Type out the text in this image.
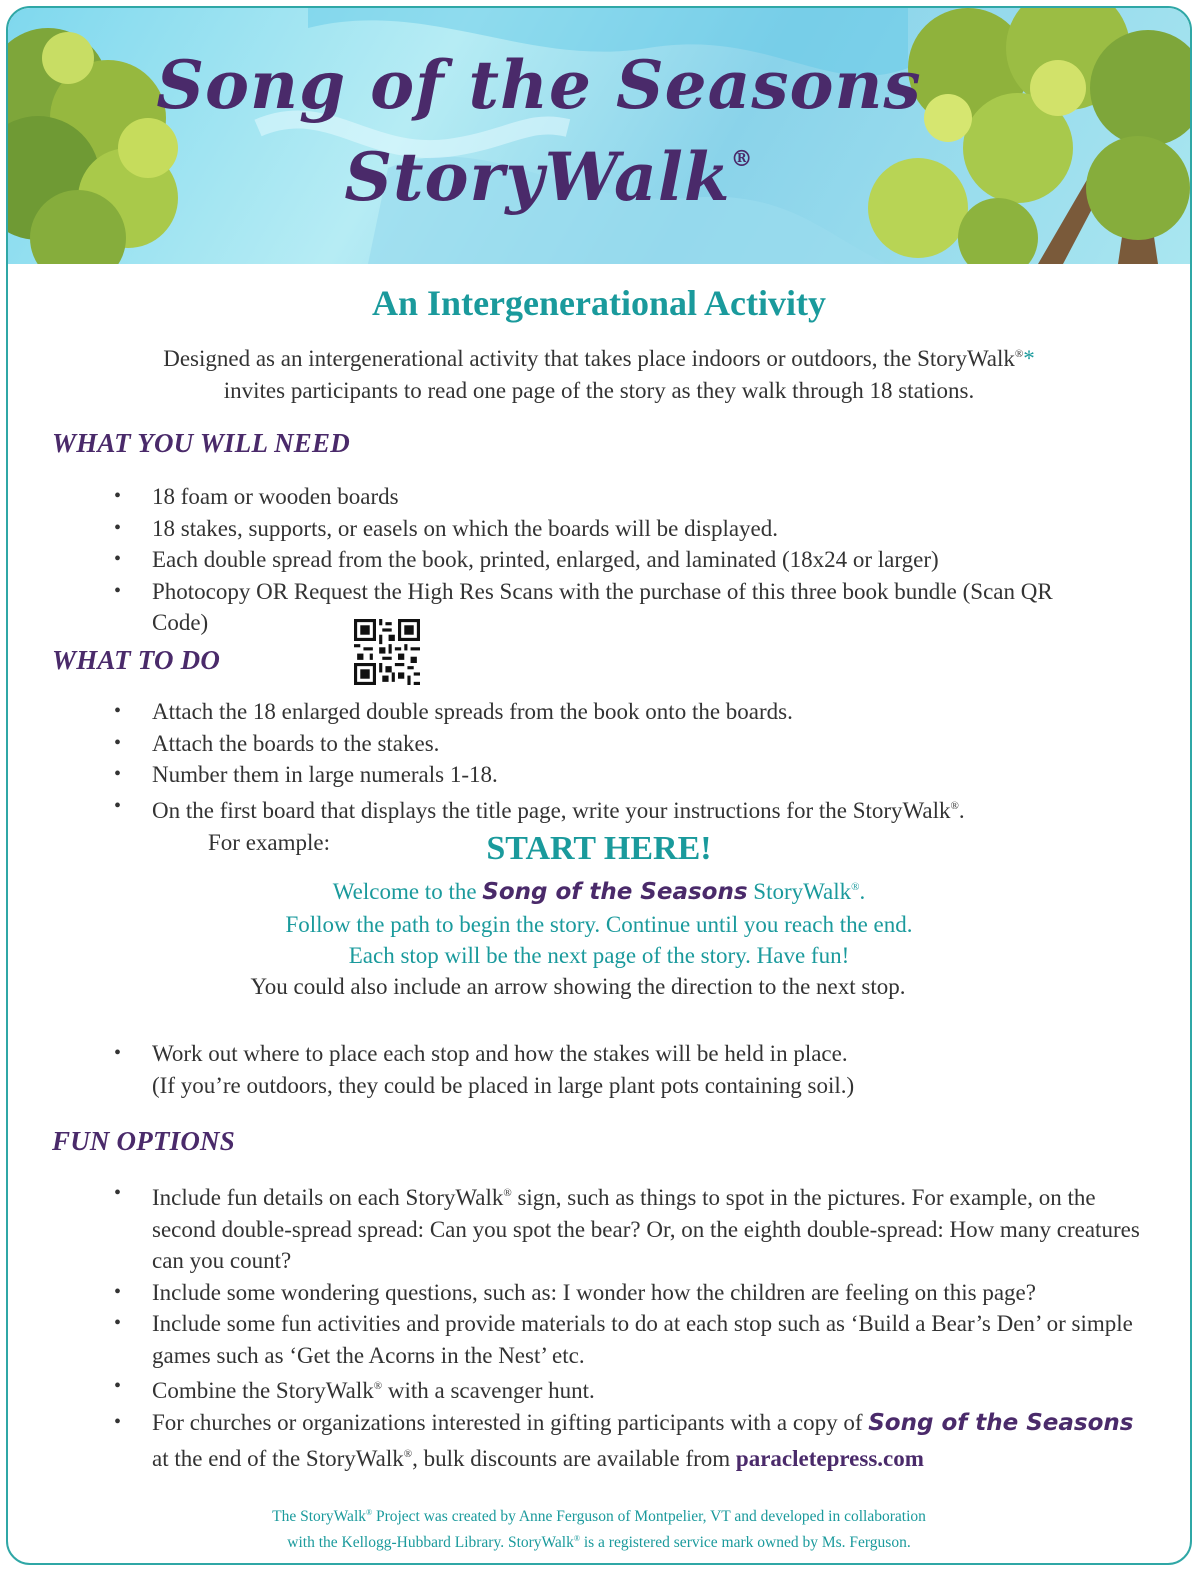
Song of the Seasons
StoryWalk®
An Intergenerational Activity
Designed as an intergenerational activity that takes place indoors or outdoors, the StoryWalk®*
invites participants to read one page of the story as they walk through 18 stations.
WHAT YOU WILL NEED
• 18 foam or wooden boards
• 18 stakes, supports, or easels on which the boards will be displayed.
• Each double spread from the book, printed, enlarged, and laminated (18x24 or larger)
• Photocopy OR Request the High Res Scans with the purchase of this three book bundle (Scan QR Code)
WHAT TO DO
• Attach the 18 enlarged double spreads from the book onto the boards.
• Attach the boards to the stakes.
• Number them in large numerals 1-18.
• On the first board that displays the title page, write your instructions for the StoryWalk®.
For example:	START HERE!
Welcome to the Song of the Seasons StoryWalk®.
Follow the path to begin the story. Continue until you reach the end.
Each stop will be the next page of the story. Have fun!
You could also include an arrow showing the direction to the next stop.
• Work out where to place each stop and how the stakes will be held in place.
(If you’re outdoors, they could be placed in large plant pots containing soil.)
FUN OPTIONS
• Include fun details on each StoryWalk® sign, such as things to spot in the pictures. For example, on the second double-spread spread: Can you spot the bear? Or, on the eighth double-spread: How many creatures can you count?
• Include some wondering questions, such as: I wonder how the children are feeling on this page?
• Include some fun activities and provide materials to do at each stop such as ‘Build a Bear’s Den’ or simple games such as ‘Get the Acorns in the Nest’ etc.
• Combine the StoryWalk® with a scavenger hunt.
• For churches or organizations interested in gifting participants with a copy of Song of the Seasons at the end of the StoryWalk®, bulk discounts are available from paracletepress.com
The StoryWalk® Project was created by Anne Ferguson of Montpelier, VT and developed in collaboration
with the Kellogg-Hubbard Library. StoryWalk® is a registered service mark owned by Ms. Ferguson.
